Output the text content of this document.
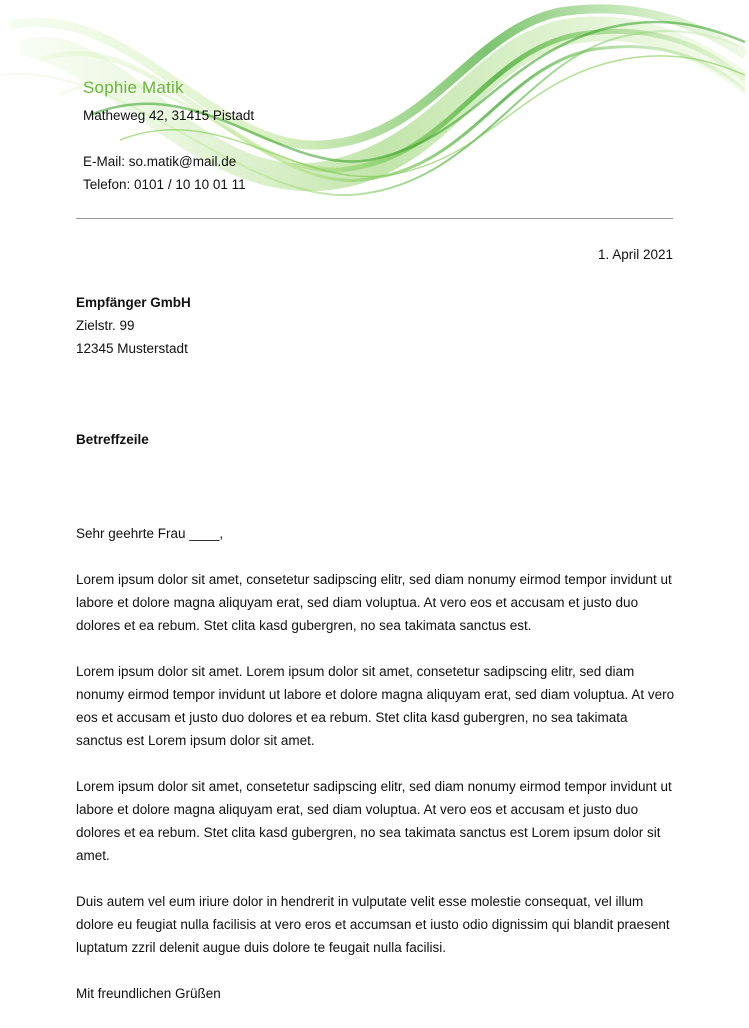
Sophie Matik
Matheweg 42, 31415 Pistadt
E-Mail: so.matik@mail.de
Telefon: 0101 / 10 10 01 11
1. April 2021
Empfänger GmbH
Zielstr. 99
12345 Musterstadt
Betreffzeile

Sehr geehrte Frau ____,

Lorem ipsum dolor sit amet, consetetur sadipscing elitr, sed diam nonumy eirmod tempor invidunt ut labore et dolore magna aliquyam erat, sed diam voluptua. At vero eos et accusam et justo duo dolores et ea rebum. Stet clita kasd gubergren, no sea takimata sanctus est.

Lorem ipsum dolor sit amet. Lorem ipsum dolor sit amet, consetetur sadipscing elitr, sed diam nonumy eirmod tempor invidunt ut labore et dolore magna aliquyam erat, sed diam voluptua. At vero eos et accusam et justo duo dolores et ea rebum. Stet clita kasd gubergren, no sea takimata sanctus est Lorem ipsum dolor sit amet.

Lorem ipsum dolor sit amet, consetetur sadipscing elitr, sed diam nonumy eirmod tempor invidunt ut labore et dolore magna aliquyam erat, sed diam voluptua. At vero eos et accusam et justo duo dolores et ea rebum. Stet clita kasd gubergren, no sea takimata sanctus est Lorem ipsum dolor sit amet.

Duis autem vel eum iriure dolor in hendrerit in vulputate velit esse molestie consequat, vel illum dolore eu feugiat nulla facilisis at vero eros et accumsan et iusto odio dignissim qui blandit praesent luptatum zzril delenit augue duis dolore te feugait nulla facilisi.

Mit freundlichen Grüßen
